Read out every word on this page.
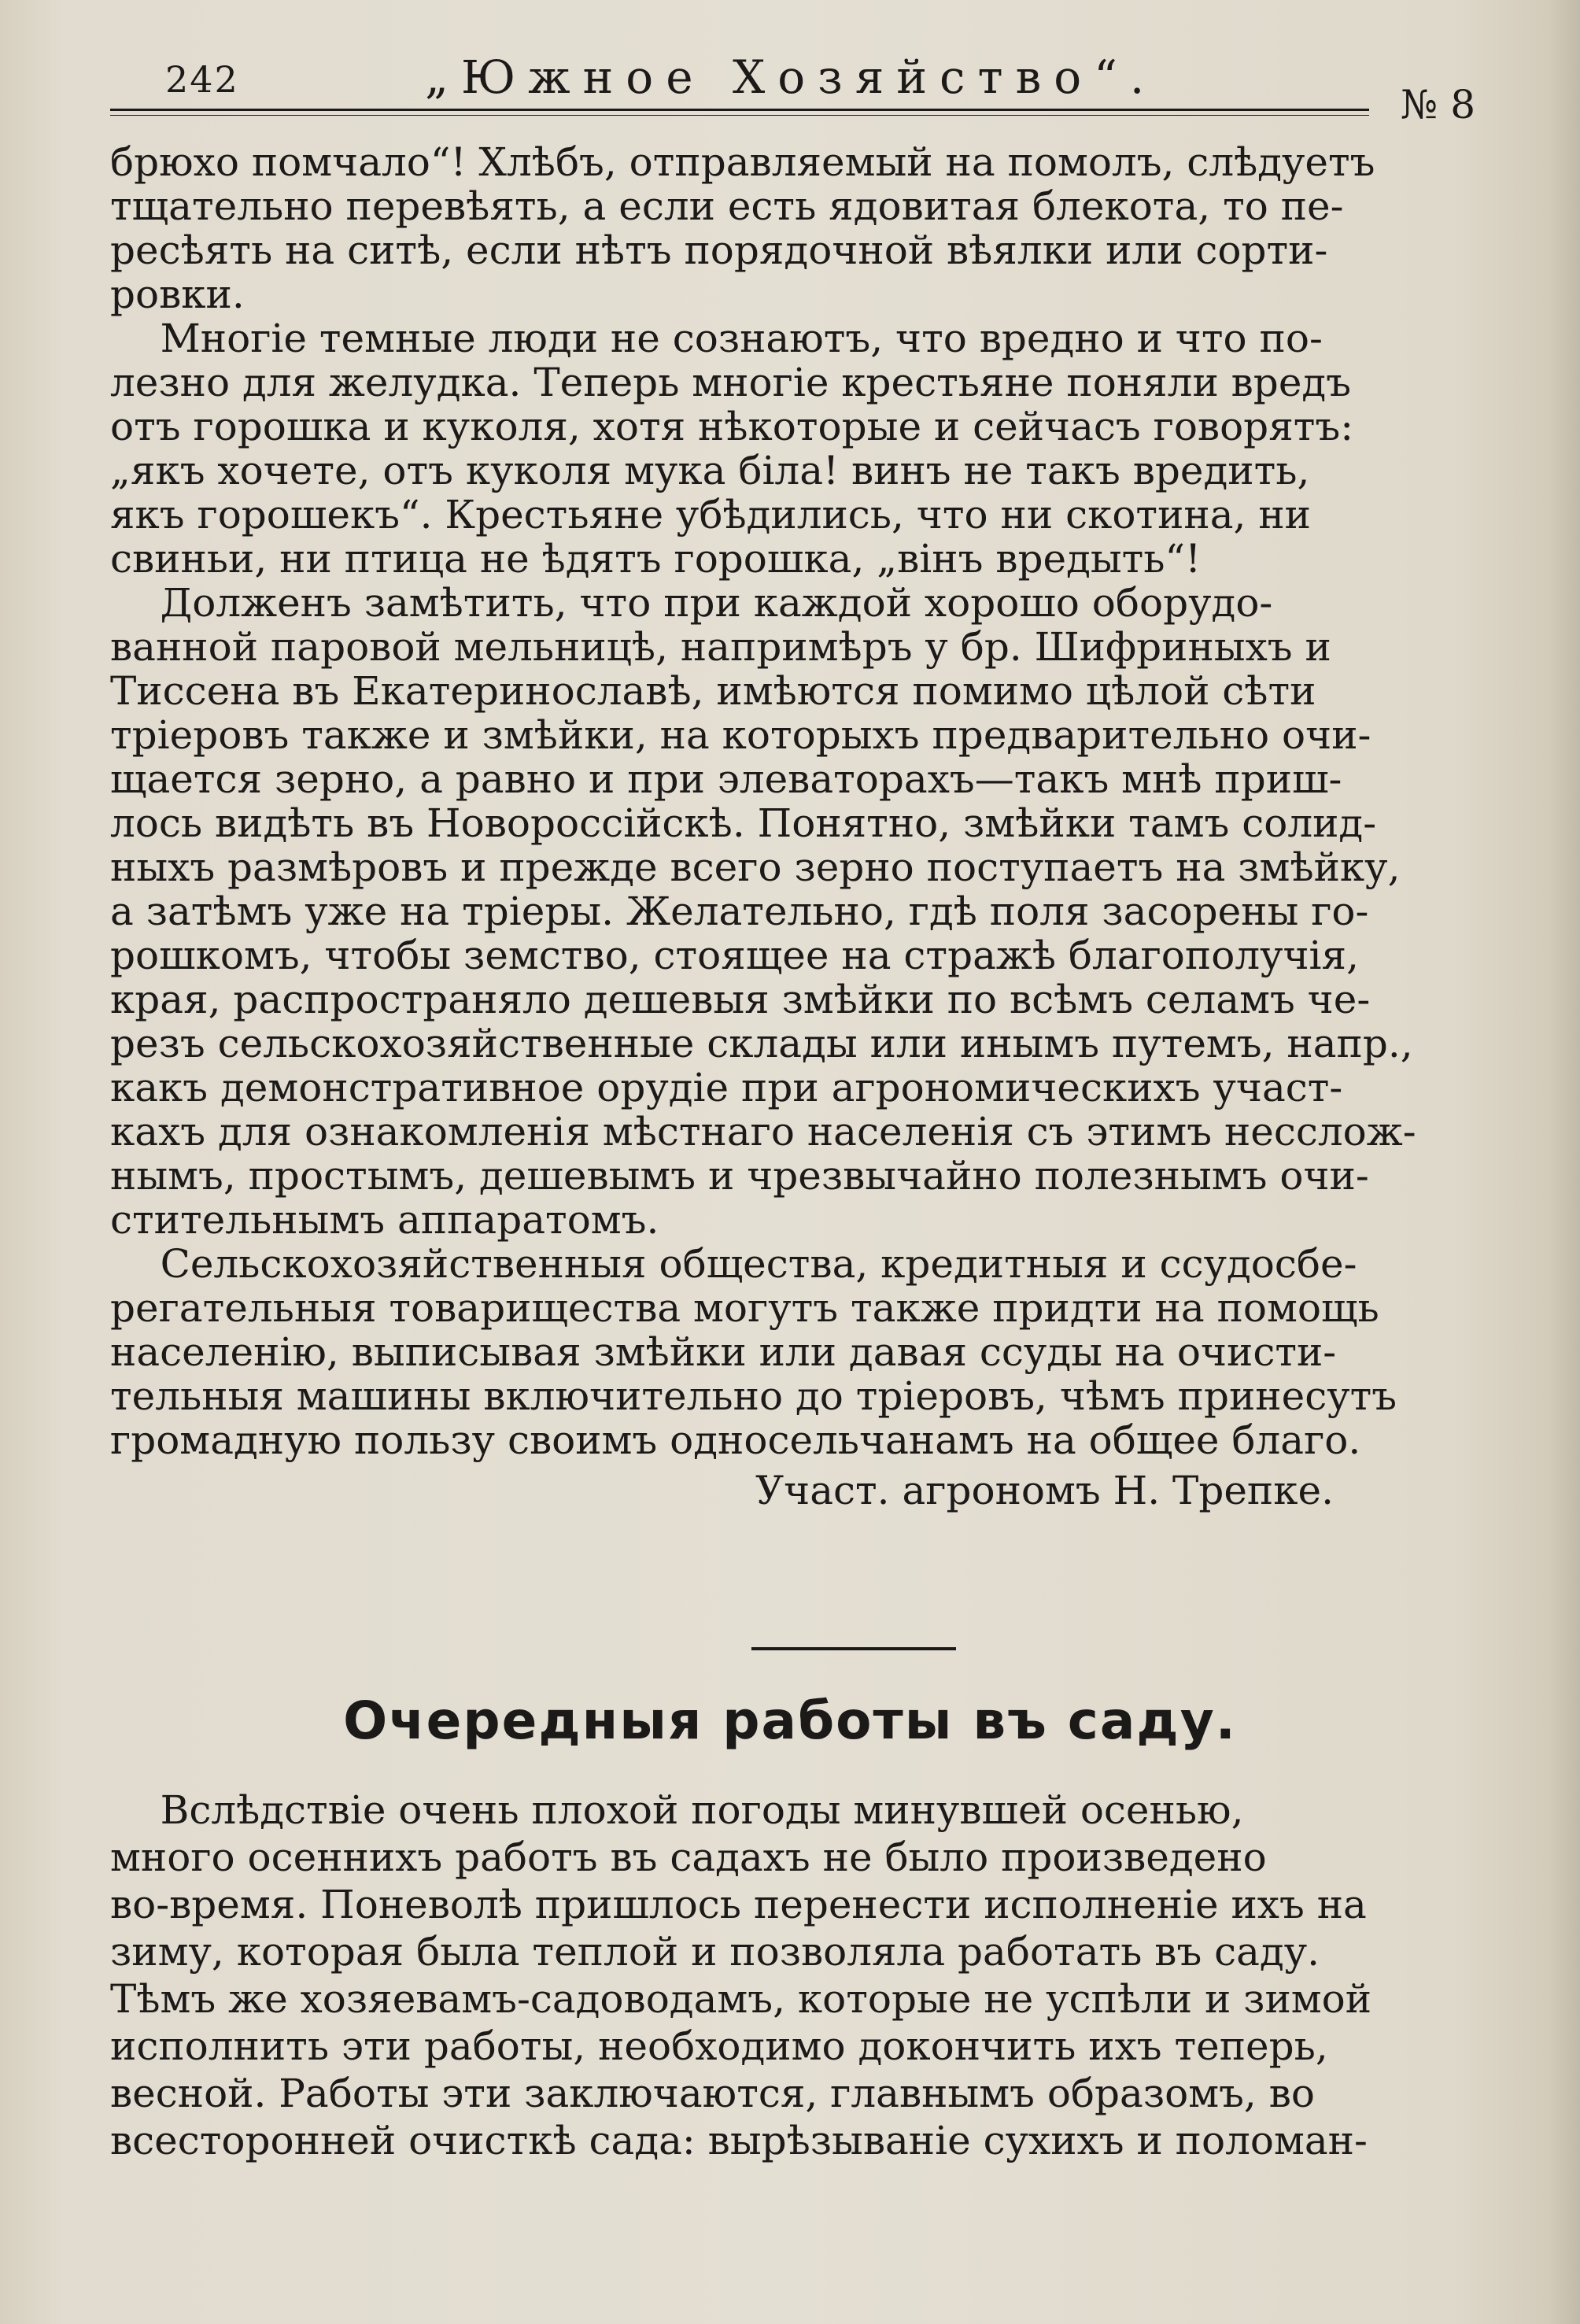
242	„Южное Хозяйство“.
№ 8
брюхо помчало“! Хлѣбъ, отправляемый на помолъ, слѣдуетъ
тщательно перевѣять, а если есть ядовитая блекота, то пе-
ресѣять на ситѣ, если нѣтъ порядочной вѣялки или сорти-
ровки.
Многіе темные люди не сознаютъ, что вредно и что по-
лезно для желудка. Теперь многіе крестьяне поняли вредъ
отъ горошка и куколя, хотя нѣкоторые и сейчасъ говорятъ:
„якъ хочете, отъ куколя мука біла! винъ не такъ вредить,
якъ горошекъ“. Крестьяне убѣдились, что ни скотина, ни
свиньи, ни птица не ѣдятъ горошка, „вінъ вредыть“!
Долженъ замѣтить, что при каждой хорошо оборудо-
ванной паровой мельницѣ, напримѣръ у бр. Шифриныхъ и
Тиссена въ Екатеринославѣ, имѣются помимо цѣлой сѣти
тріеровъ также и змѣйки, на которыхъ предварительно очи-
щается зерно, а равно и при элеваторахъ—такъ мнѣ приш-
лось видѣть въ Новороссійскѣ. Понятно, змѣйки тамъ солид-
ныхъ размѣровъ и прежде всего зерно поступаетъ на змѣйку,
а затѣмъ уже на тріеры. Желательно, гдѣ поля засорены го-
рошкомъ, чтобы земство, стоящее на стражѣ благополучія,
края, распространяло дешевыя змѣйки по всѣмъ селамъ че-
резъ сельскохозяйственные склады или инымъ путемъ, напр.,
какъ демонстративное орудіе при агрономическихъ участ-
кахъ для ознакомленія мѣстнаго населенія съ этимъ несслож-
нымъ, простымъ, дешевымъ и чрезвычайно полезнымъ очи-
стительнымъ аппаратомъ.
Сельскохозяйственныя общества, кредитныя и ссудосбе-
регательныя товарищества могутъ также придти на помощь
населенію, выписывая змѣйки или давая ссуды на очисти-
тельныя машины включительно до тріеровъ, чѣмъ принесутъ
громадную пользу своимъ односельчанамъ на общее благо.
Участ. агрономъ Н. Трепке.
Очередныя работы въ саду.
Вслѣдствіе очень плохой погоды минувшей осенью,
много осеннихъ работъ въ садахъ не было произведено
во-время. Поневолѣ пришлось перенести исполненіе ихъ на
зиму, которая была теплой и позволяла работать въ саду.
Тѣмъ же хозяевамъ-садоводамъ, которые не успѣли и зимой
исполнить эти работы, необходимо докончить ихъ теперь,
весной. Работы эти заключаются, главнымъ образомъ, во
всесторонней очисткѣ сада: вырѣзываніе сухихъ и поломан-
